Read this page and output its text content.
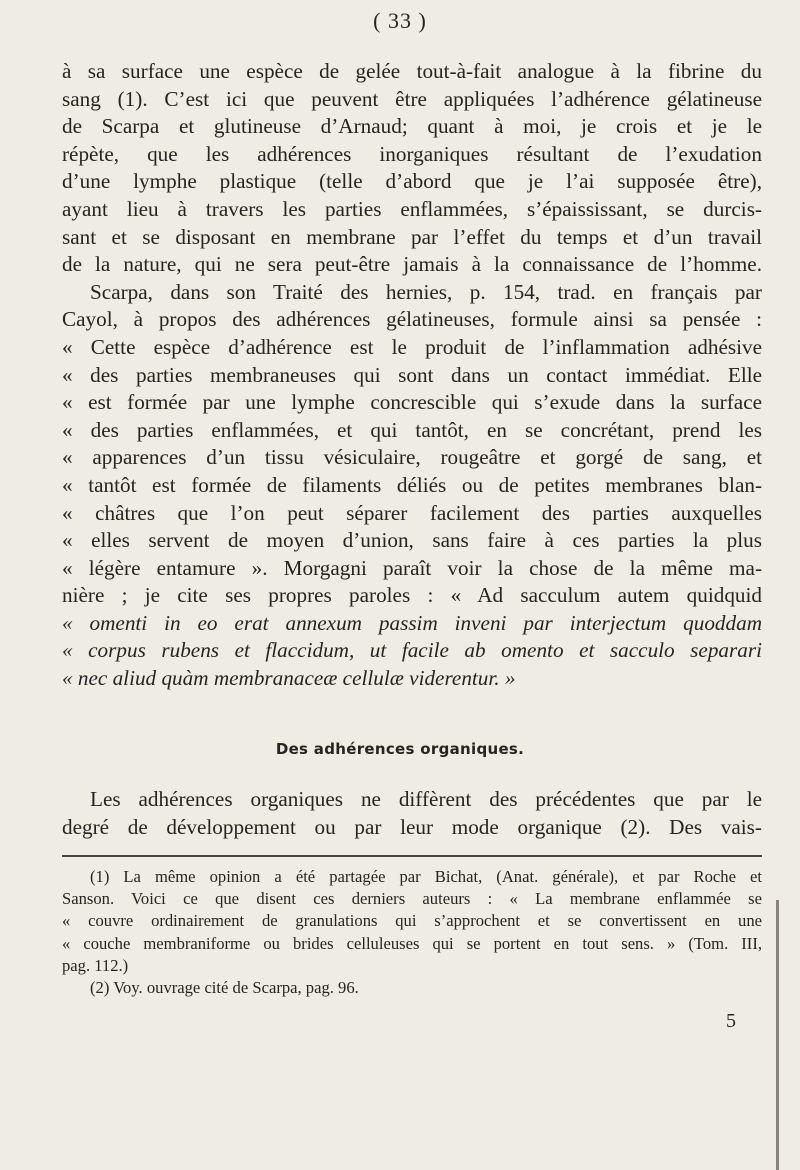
( 33 )
à sa surface une espèce de gelée tout-à-fait analogue à la fibrine du
sang (1). C’est ici que peuvent être appliquées l’adhérence gélatineuse
de Scarpa et glutineuse d’Arnaud; quant à moi, je crois et je le
répète, que les adhérences inorganiques résultant de l’exudation
d’une lymphe plastique (telle d’abord que je l’ai supposée être),
ayant lieu à travers les parties enflammées, s’épaississant, se durcis-
sant et se disposant en membrane par l’effet du temps et d’un travail
de la nature, qui ne sera peut-être jamais à la connaissance de l’homme.
Scarpa, dans son Traité des hernies, p. 154, trad. en français par
Cayol, à propos des adhérences gélatineuses, formule ainsi sa pensée :
« Cette espèce d’adhérence est le produit de l’inflammation adhésive
« des parties membraneuses qui sont dans un contact immédiat. Elle
« est formée par une lymphe concrescible qui s’exude dans la surface
« des parties enflammées, et qui tantôt, en se concrétant, prend les
« apparences d’un tissu vésiculaire, rougeâtre et gorgé de sang, et
« tantôt est formée de filaments déliés ou de petites membranes blan-
« châtres que l’on peut séparer facilement des parties auxquelles
« elles servent de moyen d’union, sans faire à ces parties la plus
« légère entamure ». Morgagni paraît voir la chose de la même ma-
nière ; je cite ses propres paroles : « Ad sacculum autem quidquid
« omenti in eo erat annexum passim inveni par interjectum quoddam
« corpus rubens et flaccidum, ut facile ab omento et sacculo separari
« nec aliud quàm membranaceæ cellulæ viderentur. »
Des adhérences organiques.
Les adhérences organiques ne diffèrent des précédentes que par le
degré de développement ou par leur mode organique (2). Des vais-
(1) La même opinion a été partagée par Bichat, (Anat. générale), et par Roche et
Sanson. Voici ce que disent ces derniers auteurs : « La membrane enflammée se
« couvre ordinairement de granulations qui s’approchent et se convertissent en une
« couche membraniforme ou brides celluleuses qui se portent en tout sens. » (Tom. III,
pag. 112.)
(2) Voy. ouvrage cité de Scarpa, pag. 96.
5
